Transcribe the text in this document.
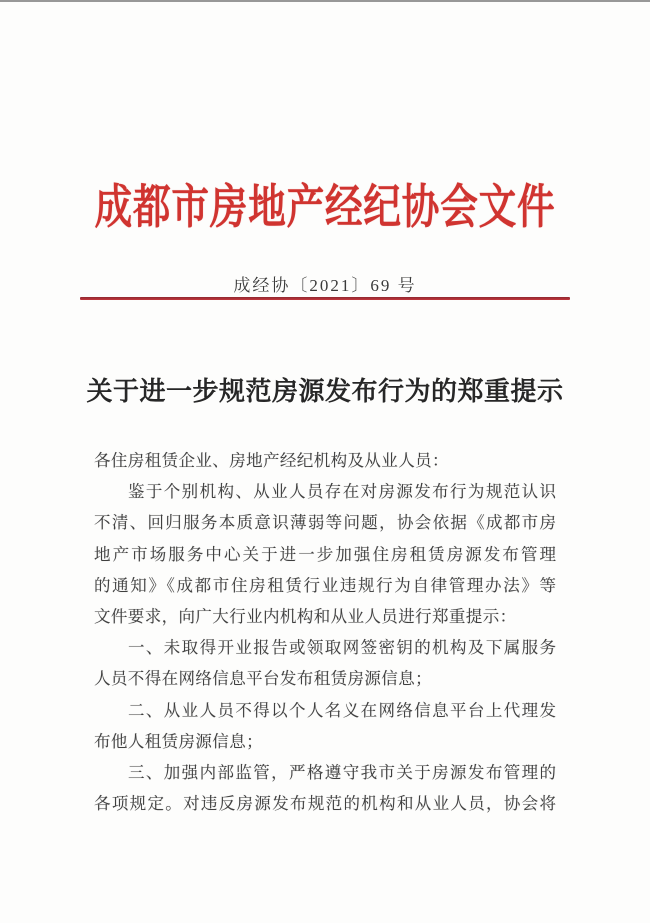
成都市房地产经纪协会文件
成经协〔2021〕69 号
关于进一步规范房源发布行为的郑重提示
各住房租赁企业、房地产经纪机构及从业人员：
鉴于个别机构、从业人员存在对房源发布行为规范认识
不清、回归服务本质意识薄弱等问题，协会依据《成都市房
地产市场服务中心关于进一步加强住房租赁房源发布管理
的通知》《成都市住房租赁行业违规行为自律管理办法》等
文件要求，向广大行业内机构和从业人员进行郑重提示：
一、未取得开业报告或领取网签密钥的机构及下属服务
人员不得在网络信息平台发布租赁房源信息；
二、从业人员不得以个人名义在网络信息平台上代理发
布他人租赁房源信息；
三、加强内部监管，严格遵守我市关于房源发布管理的
各项规定。对违反房源发布规范的机构和从业人员，协会将
